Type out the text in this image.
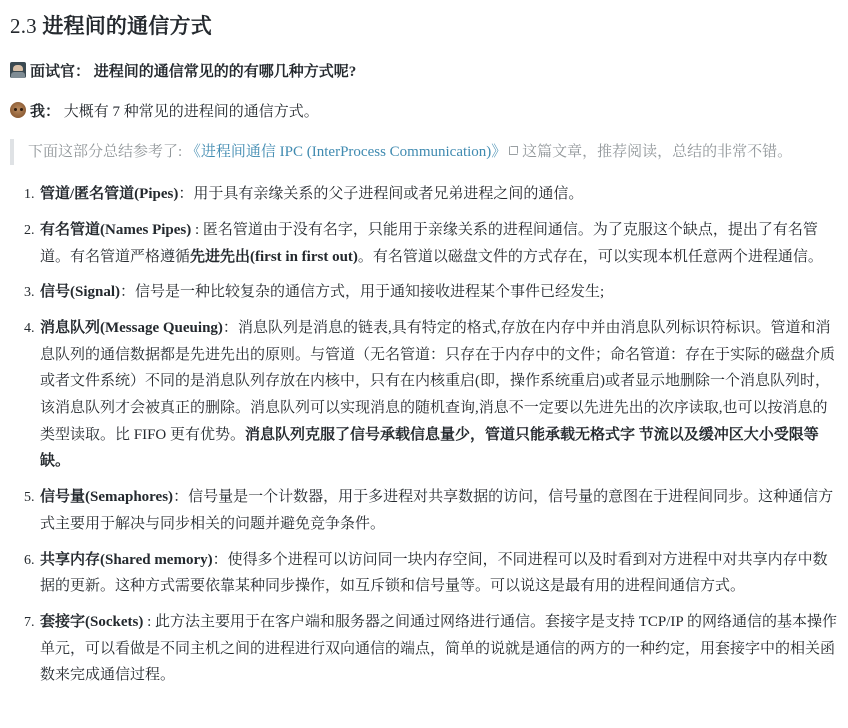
2.3 进程间的通信方式

面试官： 进程间的通信常见的的有哪几种方式呢?

我： 大概有 7 种常见的进程间的通信方式。

下面这部分总结参考了: 《进程间通信 IPC (InterProcess Communication)》 这篇文章，推荐阅读，总结的非常不错。
1. 管道/匿名管道(Pipes)：用于具有亲缘关系的父子进程间或者兄弟进程之间的通信。
2. 有名管道(Names Pipes) : 匿名管道由于没有名字，只能用于亲缘关系的进程间通信。为了克服这个缺点，提出了有名管道。有名管道严格遵循先进先出(first in first out)。有名管道以磁盘文件的方式存在，可以实现本机任意两个进程通信。
3. 信号(Signal)：信号是一种比较复杂的通信方式，用于通知接收进程某个事件已经发生;
4. 消息队列(Message Queuing)：消息队列是消息的链表,具有特定的格式,存放在内存中并由消息队列标识符标识。管道和消息队列的通信数据都是先进先出的原则。与管道（无名管道：只存在于内存中的文件；命名管道：存在于实际的磁盘介质或者文件系统）不同的是消息队列存放在内核中，只有在内核重启(即，操作系统重启)或者显示地删除一个消息队列时，该消息队列才会被真正的删除。消息队列可以实现消息的随机查询,消息不一定要以先进先出的次序读取,也可以按消息的类型读取。比 FIFO 更有优势。消息队列克服了信号承载信息量少，管道只能承载无格式字 节流以及缓冲区大小受限等缺。
5. 信号量(Semaphores)：信号量是一个计数器，用于多进程对共享数据的访问，信号量的意图在于进程间同步。这种通信方式主要用于解决与同步相关的问题并避免竞争条件。
6. 共享内存(Shared memory)：使得多个进程可以访问同一块内存空间，不同进程可以及时看到对方进程中对共享内存中数据的更新。这种方式需要依靠某种同步操作，如互斥锁和信号量等。可以说这是最有用的进程间通信方式。
7. 套接字(Sockets) : 此方法主要用于在客户端和服务器之间通过网络进行通信。套接字是支持 TCP/IP 的网络通信的基本操作单元，可以看做是不同主机之间的进程进行双向通信的端点，简单的说就是通信的两方的一种约定，用套接字中的相关函数来完成通信过程。
